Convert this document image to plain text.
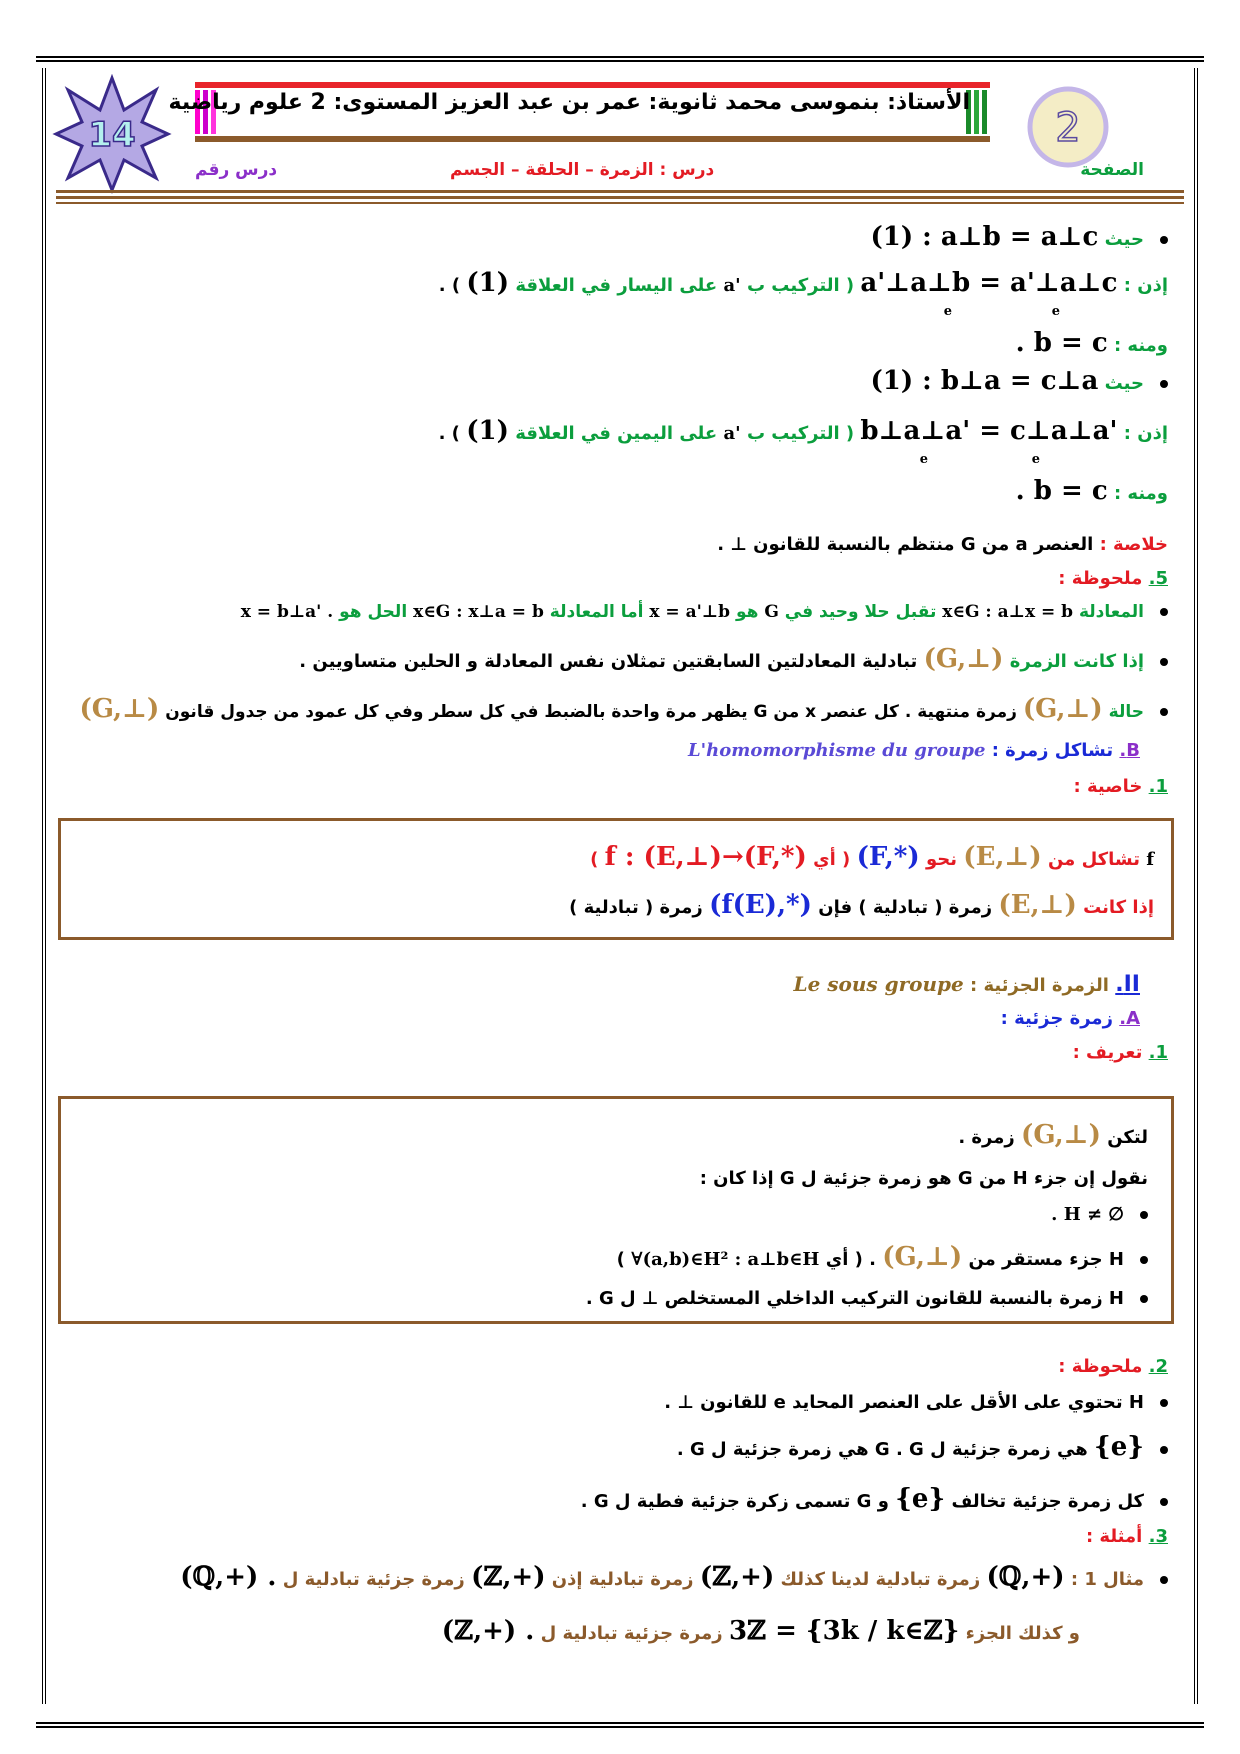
14	2
الأستاذ: بنموسى محمد ثانوية: عمر بن عبد العزيز المستوى: 2 علوم رياضية
الصفحة
درس : الزمرة – الحلقة – الجسم
درس رقم
حيث (1) : a⊥b = a⊥c
إذن : a'⊥a⊥b = a'⊥a⊥c ( التركيب ب a' على اليسار في العلاقة (1) ) .
e
e
ومنه : . b = c
حيث (1) : b⊥a = c⊥a
إذن : b⊥a⊥a' = c⊥a⊥a' ( التركيب ب a' على اليمين في العلاقة (1) ) .
e
e
ومنه : . b = c
خلاصة : العنصر a من G منتظم بالنسبة للقانون ⊥ .
5. ملحوظة :
المعادلة x∈G : a⊥x = b تقبل حلا وحيد في G هو x = a'⊥b أما المعادلة x∈G : x⊥a = b الحل هو x = b⊥a' .
إذا كانت الزمرة (G,⊥) تبادلية المعادلتين السابقتين تمثلان نفس المعادلة و الحلين متساويين .
حالة (G,⊥) زمرة منتهية . كل عنصر x من G يظهر مرة واحدة بالضبط في كل سطر وفي كل عمود من جدول قانون (G,⊥)
B. تشاكل زمرة : L'homomorphisme du groupe
1. خاصية :
f تشاكل من (E,⊥) نحو (F,*) ( أي f : (E,⊥)→(F,*) )
إذا كانت (E,⊥) زمرة ( تبادلية ) فإن (f(E),*) زمرة ( تبادلية )
II. الزمرة الجزئية : Le sous groupe
A. زمرة جزئية :
1. تعريف :
لتكن (G,⊥) زمرة .
نقول إن جزء H من G هو زمرة جزئية ل G إذا كان :
. H ≠ ∅
H جزء مستقر من (G,⊥) . ( أي ∀(a,b)∈H² : a⊥b∈H )
H زمرة بالنسبة للقانون التركيب الداخلي المستخلص ⊥ ل G .
2. ملحوظة :
H تحتوي على الأقل على العنصر المحايد e للقانون ⊥ .
{e} هي زمرة جزئية ل G . G هي زمرة جزئية ل G .
كل زمرة جزئية تخالف {e} و G تسمى زكرة جزئية فطية ل G .
3. أمثلة :
مثال 1 : (ℚ,+) زمرة تبادلية لدينا كذلك (ℤ,+) زمرة تبادلية إذن (ℤ,+) زمرة جزئية تبادلية ل (ℚ,+) .
و كذلك الجزء 3ℤ = {3k / k∈ℤ} زمرة جزئية تبادلية ل (ℤ,+) .
